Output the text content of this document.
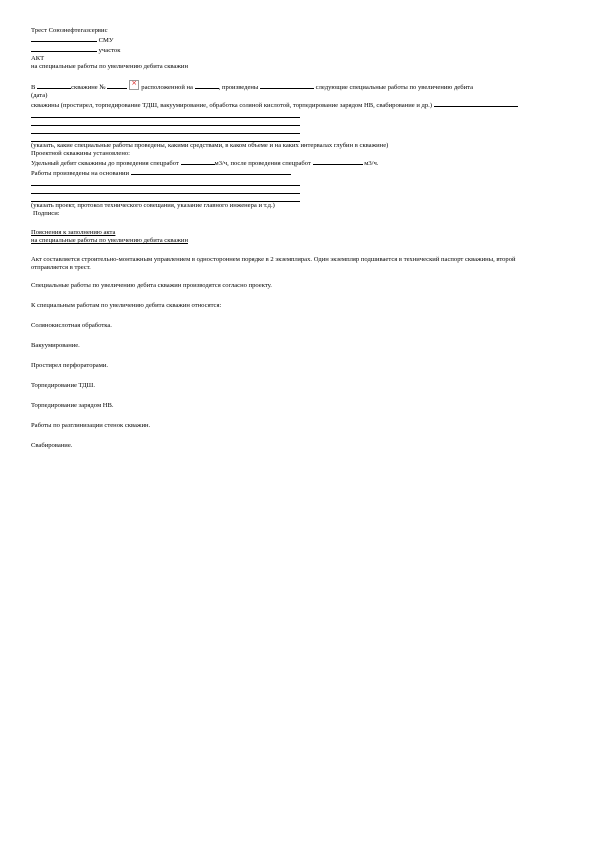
Трест Союзнефтегазсервис
СМУ
участок
АКТ
на специальные работы по увеличению дебита скважин
В	скважине № ×	расположенной на	, произведены	следующие специальные работы по увеличению дебита
(дата)
скважины (простирел, торпедирование ТДШ, вакуумирование, обработка соляной кислотой, торпедирование зарядом НВ, свабирование и др.)
(указать, какие специальные работы проведены, какими средствами, в каком объеме и на каких интервалах глубин в скважине)
Проектной скважины установлено:
Удельный дебит скважины до проведения спецработ	м3/ч, после проведения спецработ	м3/ч.
Работы произведены на основании
(указать проект, протокол технического совещания, указание главного инженера и т.д.)
Подписи:
Пояснения к заполнению акта
на специальные работы по увеличению дебита скважин
Акт составляется строительно-монтажным управлением в одностороннем порядке в 2 экземплярах. Один экземпляр подшивается в технический паспорт скважины, второй отправляется в трест.
Специальные работы по увеличению дебита скважин производятся согласно проекту.
К специальным работам по увеличению дебита скважин относятся:
Солянокислотная обработка.
Вакуумирование.
Простирел перфораторами.
Торпедирование ТДШ.
Торпедирование зарядом НВ.
Работы по разглинизации стенок скважин.
Свабирование.
